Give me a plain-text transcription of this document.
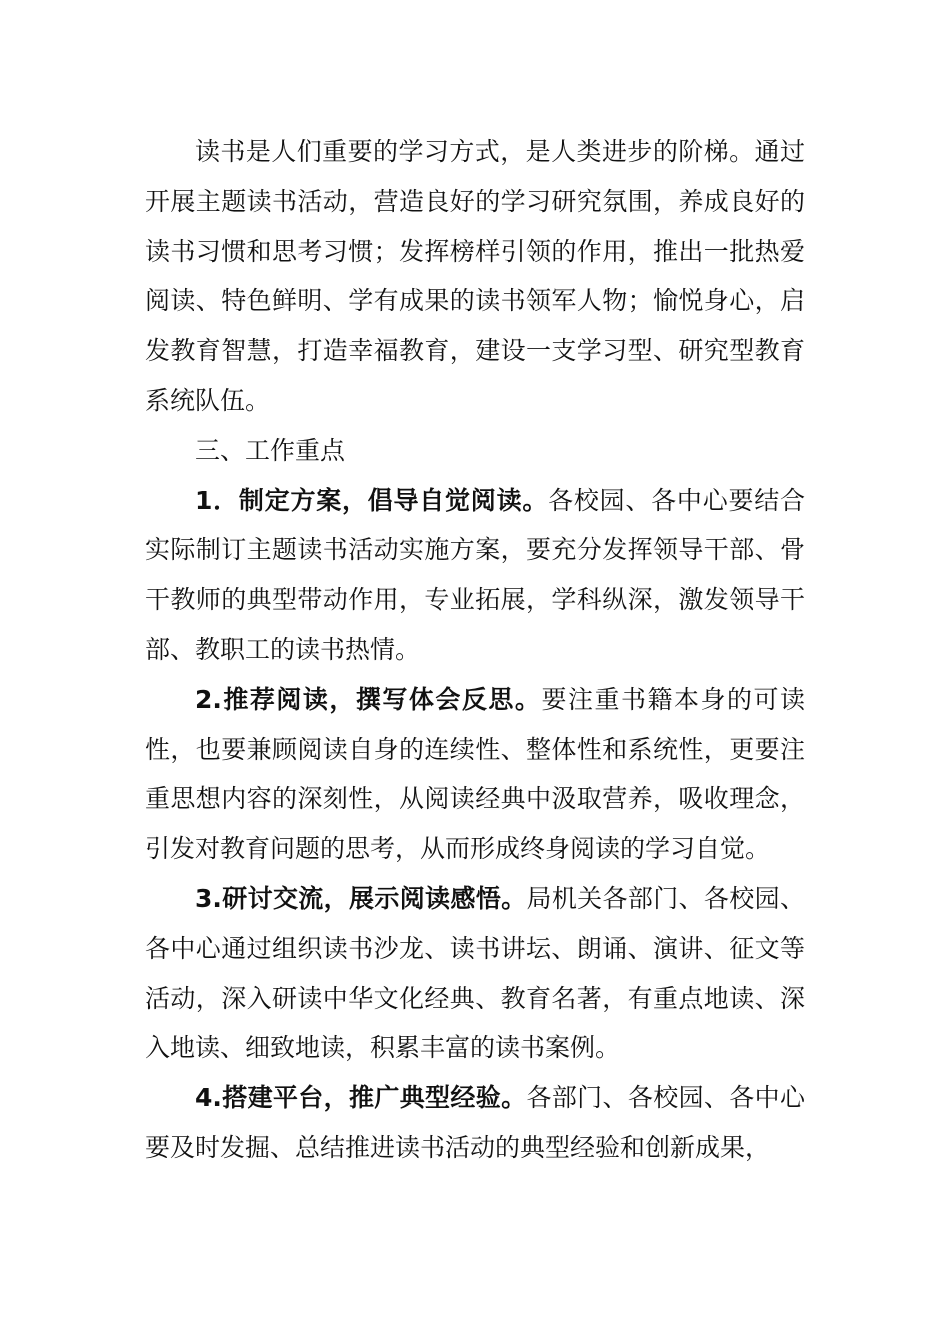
读书是人们重要的学习方式，是人类进步的阶梯。通过开展主题读书活动，营造良好的学习研究氛围，养成良好的读书习惯和思考习惯；发挥榜样引领的作用，推出一批热爱阅读、特色鲜明、学有成果的读书领军人物；愉悦身心，启发教育智慧，打造幸福教育，建设一支学习型、研究型教育系统队伍。

三、工作重点

1．制定方案，倡导自觉阅读。各校园、各中心要结合实际制订主题读书活动实施方案，要充分发挥领导干部、骨干教师的典型带动作用，专业拓展，学科纵深，激发领导干部、教职工的读书热情。

2.推荐阅读，撰写体会反思。要注重书籍本身的可读性，也要兼顾阅读自身的连续性、整体性和系统性，更要注重思想内容的深刻性，从阅读经典中汲取营养，吸收理念，引发对教育问题的思考，从而形成终身阅读的学习自觉。

3.研讨交流，展示阅读感悟。局机关各部门、各校园、各中心通过组织读书沙龙、读书讲坛、朗诵、演讲、征文等活动，深入研读中华文化经典、教育名著，有重点地读、深入地读、细致地读，积累丰富的读书案例。

4.搭建平台，推广典型经验。各部门、各校园、各中心要及时发掘、总结推进读书活动的典型经验和创新成果，
